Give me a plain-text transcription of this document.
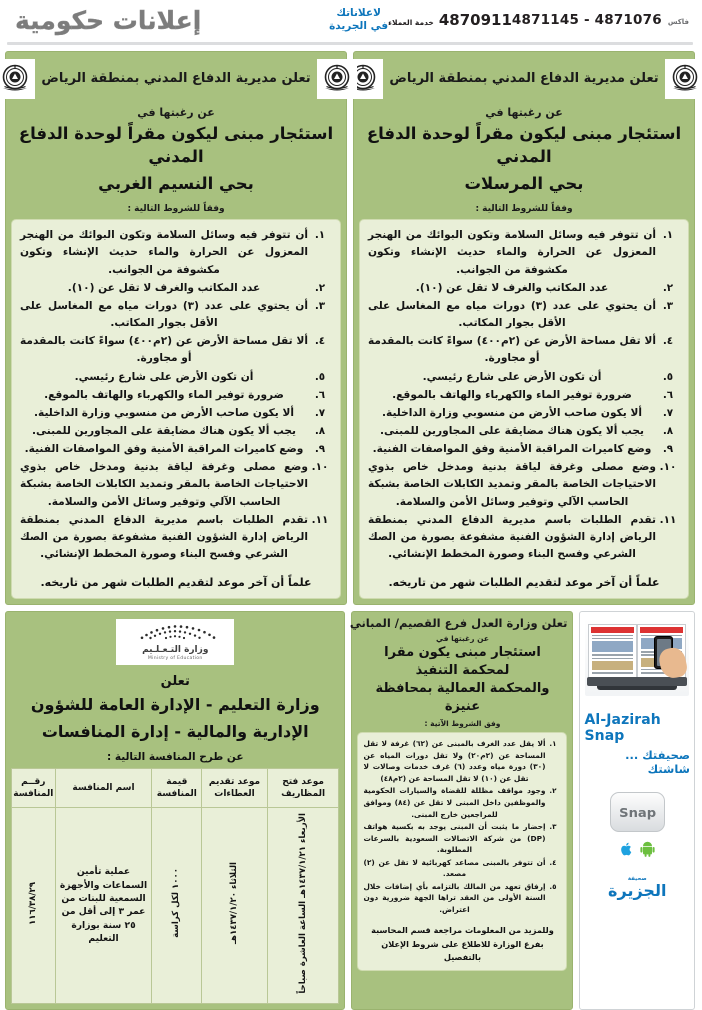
4871145 - 4871076 فاكس
4870911
خدمة العملاء
لاعلاناتك
في الجريدة
إعلانات حكومية
تعلن مديرية الدفاع المدني بمنطقة الرياض
عن رغبتها في
استئجار مبنى ليكون مقراً لوحدة الدفاع المدني
بحي المرسلات
وفقاً للشروط التالية :
١.
أن تتوفر فيه وسائل السلامة وتكون البوائك من الهنجر المعزول عن الحرارة والماء حديث الإنشاء وتكون مكشوفة من الجوانب.
٢.
عدد المكاتب والغرف لا تقل عن (١٠).
٣.
أن يحتوي على عدد (٣) دورات مياه مع المغاسل على الأقل بجوار المكاتب.
٤.
ألا تقل مساحة الأرض عن (٢م٤٠٠) سواءً كانت بالمقدمة أو مجاورة.
٥.
أن تكون الأرض على شارع رئيسي.
٦.
ضرورة توفير الماء والكهرباء والهاتف بالموقع.
٧.
ألا يكون صاحب الأرض من منسوبي وزارة الداخلية.
٨.
يجب ألا يكون هناك مضايقة على المجاورين للمبنى.
٩.
وضع كاميرات المراقبة الأمنية وفق المواصفات الفنية.
١٠.
وضع مصلى وغرفة لياقة بدنية ومدخل خاص بذوي الاحتياجات الخاصة بالمقر وتمديد الكابلات الخاصة بشبكة الحاسب الآلي وتوفير وسائل الأمن والسلامة.
١١.
تقدم الطلبات باسم مديرية الدفاع المدني بمنطقة الرياض إدارة الشؤون الفنية مشفوعة بصورة من الصك الشرعي وفسح البناء وصورة المخطط الإنشائي.
علماً أن آخر موعد لتقديم الطلبات شهر من تاريخه.
تعلن مديرية الدفاع المدني بمنطقة الرياض
عن رغبتها في
استئجار مبنى ليكون مقراً لوحدة الدفاع المدني
بحي النسيم الغربي
وفقاً للشروط التالية :
١.
أن تتوفر فيه وسائل السلامة وتكون البوائك من الهنجر المعزول عن الحرارة والماء حديث الإنشاء وتكون مكشوفة من الجوانب.
٢.
عدد المكاتب والغرف لا تقل عن (١٠).
٣.
أن يحتوي على عدد (٣) دورات مياه مع المغاسل على الأقل بجوار المكاتب.
٤.
ألا تقل مساحة الأرض عن (٢م٤٠٠) سواءً كانت بالمقدمة أو مجاورة.
٥.
أن تكون الأرض على شارع رئيسي.
٦.
ضرورة توفير الماء والكهرباء والهاتف بالموقع.
٧.
ألا يكون صاحب الأرض من منسوبي وزارة الداخلية.
٨.
يجب ألا يكون هناك مضايقة على المجاورين للمبنى.
٩.
وضع كاميرات المراقبة الأمنية وفق المواصفات الفنية.
١٠.
وضع مصلى وغرفة لياقة بدنية ومدخل خاص بذوي الاحتياجات الخاصة بالمقر وتمديد الكابلات الخاصة بشبكة الحاسب الآلي وتوفير وسائل الأمن والسلامة.
١١.
تقدم الطلبات باسم مديرية الدفاع المدني بمنطقة الرياض إدارة الشؤون الفنية مشفوعة بصورة من الصك الشرعي وفسح البناء وصورة المخطط الإنشائي.
علماً أن آخر موعد لتقديم الطلبات شهر من تاريخه.
Al-Jazirah Snap
صحيفتك ... شاشتك
Snap
صحيفة
الجزيرة
تعلن وزارة العدل فرع القصيم/ المباني
عن رغبتها في
استئجار مبنى يكون مقرا لمحكمة التنفيذ
والمحكمة العمالية بمحافظة عنيزة
وفق الشروط الآتية :
١.
ألا يقل عدد الغرف بالمبنى عن (٦٢) غرفة لا تقل المساحة عن (٢م٢٠) ولا تقل دورات المياه عن (٣٠) دورة مياه وعدد (٦) غرف خدمات وصالات لا تقل عن (١٠) لا تقل المساحة عن (٢م٤٨)
٢.
وجود مواقف مظللة للقضاة والسيارات الحكومية والموظفين داخل المبنى لا تقل عن (٨٤) وموافق للمراجعين خارج المبنى.
٣.
إحضار ما يثبت أن المبنى يوجد به بكسية هواتف (DP) من شركة الاتصالات السعودية بالسرعات المطلوبة.
٤.
أن تتوفر بالمبنى مصاعد كهربائية لا تقل عن (٢) مصعد.
٥.
إرفاق تعهد من المالك بالتزامه بأي إضافات خلال السنة الأولى من العقد تراها الجهة ضرورية دون اعتراض.
وللمزيد من المعلومات مراجعة قسم المحاسبة بفرع الوزارة للاطلاع على شروط الإعلان بالتفصيل
وزارة التـعـلـيم
Ministry of Education
تعلن
وزارة التعليم - الإدارة العامة للشؤون
الإدارية والمالية - إدارة المنافسات
عن طرح المنافسة التالية :
موعد فتح المظاريف	موعد تقديم العطاءات	قيمة المنافسة	اسم المنافسة	رقــم المنافسة
الأربعاء ١٤٣٧/١/٢١هـ الساعة العاشرة صباحاً	الثلاثاء ١٤٣٧/١/٢٠هـ	١٠٠٠ لكل كراسة	عملية تأمين السماعات والأجهزة السمعية للبنات من عمر ٣ إلى أقل من ٢٥ سنة بوزارة التعليم	١١٦/٣٨/٢٩
